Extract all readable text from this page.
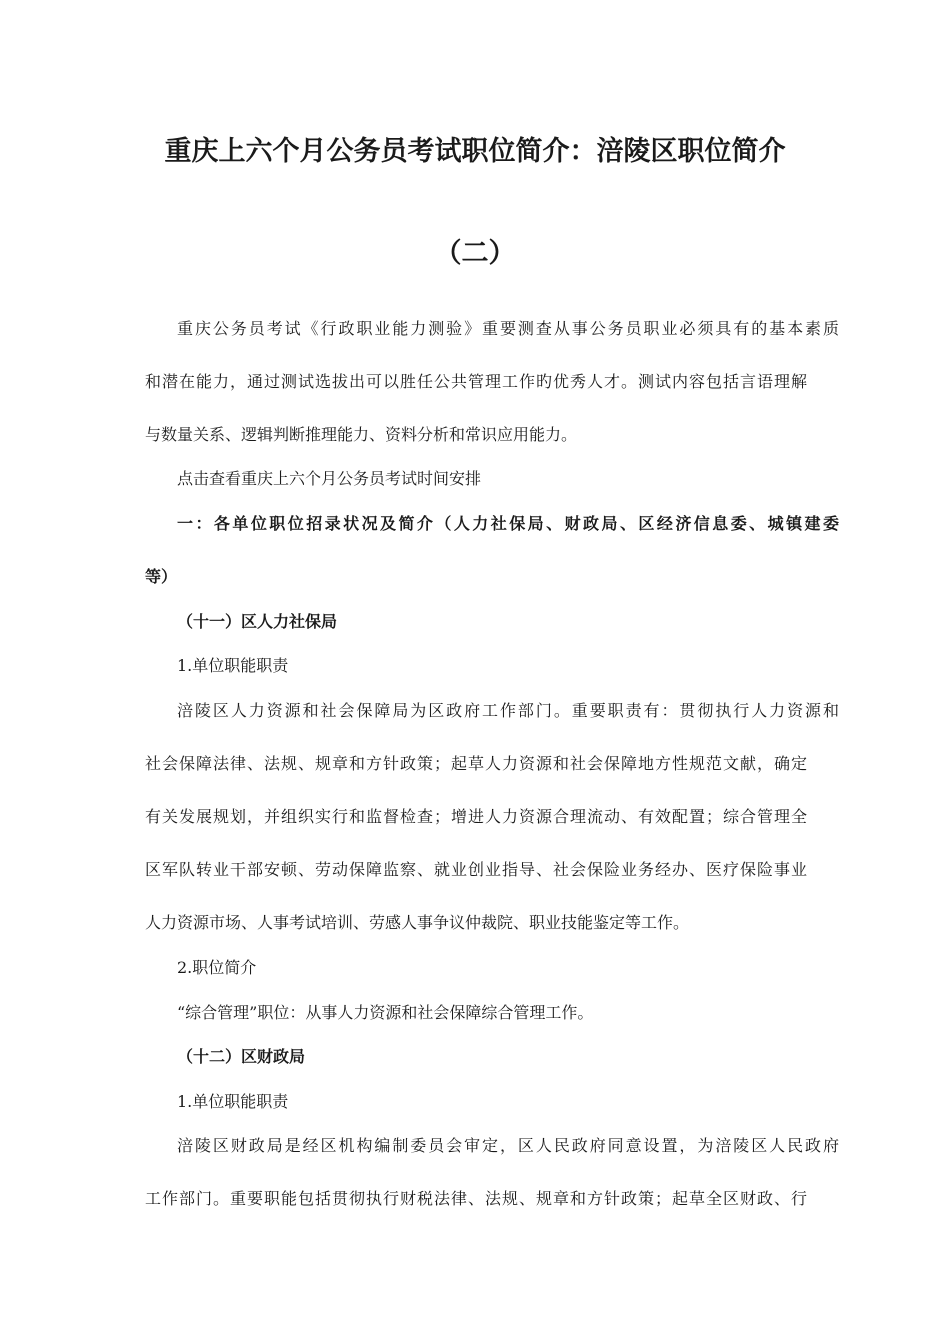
重庆上六个月公务员考试职位简介：涪陵区职位简介
（二）

重庆公务员考试《行政职业能力测验》重要测查从事公务员职业必须具有的基本素质

和潜在能力，通过测试选拔出可以胜任公共管理工作旳优秀人才。测试内容包括言语理解

与数量关系、逻辑判断推理能力、资料分析和常识应用能力。

点击查看重庆上六个月公务员考试时间安排

一：各单位职位招录状况及简介（人力社保局、财政局、区经济信息委、城镇建委

等）

（十一）区人力社保局

1.单位职能职责

涪陵区人力资源和社会保障局为区政府工作部门。重要职责有：贯彻执行人力资源和

社会保障法律、法规、规章和方针政策；起草人力资源和社会保障地方性规范文献，确定

有关发展规划，并组织实行和监督检查；增进人力资源合理流动、有效配置；综合管理全

区军队转业干部安顿、劳动保障监察、就业创业指导、社会保险业务经办、医疗保险事业

人力资源市场、人事考试培训、劳感人事争议仲裁院、职业技能鉴定等工作。

2.职位简介

“综合管理”职位：从事人力资源和社会保障综合管理工作。

（十二）区财政局

1.单位职能职责

涪陵区财政局是经区机构编制委员会审定，区人民政府同意设置，为涪陵区人民政府

工作部门。重要职能包括贯彻执行财税法律、法规、规章和方针政策；起草全区财政、行
